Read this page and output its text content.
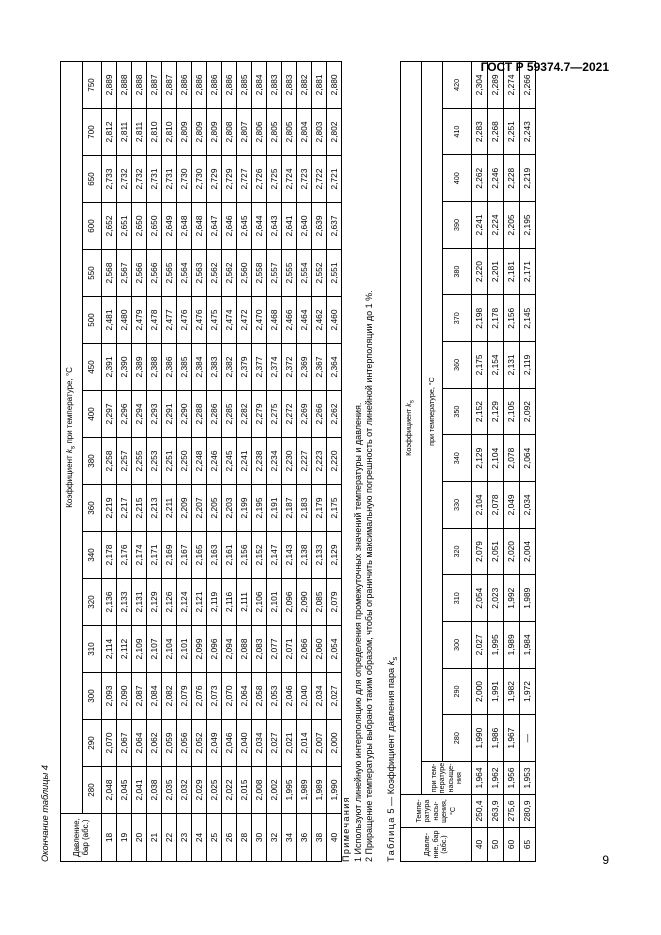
ГОСТ Р 59374.7—2021
Окончание таблицы 4	Давление, бар (абс.)	Коэффициент $k_s$ при температуре, °С															
	280	290	300	310	320	340	360	380	400	450	500	550	600	650	700	750
18	2,048	2,070	2,093	2,114	2,136	2,178	2,219	2,258	2,297	2,391	2,481	2,568	2,652	2,733	2,812	2,889
19	2,045	2,067	2,090	2,112	2,133	2,176	2,217	2,257	2,296	2,390	2,480	2,567	2,651	2,732	2,811	2,888
20	2,041	2,064	2,087	2,109	2,131	2,174	2,215	2,255	2,294	2,389	2,479	2,566	2,650	2,732	2,811	2,888
21	2,038	2,062	2,084	2,107	2,129	2,171	2,213	2,253	2,293	2,388	2,478	2,566	2,650	2,731	2,810	2,887
22	2,035	2,059	2,082	2,104	2,126	2,169	2,211	2,251	2,291	2,386	2,477	2,565	2,649	2,731	2,810	2,887
23	2,032	2,056	2,079	2,101	2,124	2,167	2,209	2,250	2,290	2,385	2,476	2,564	2,648	2,730	2,809	2,886
24	2,029	2,052	2,076	2,099	2,121	2,165	2,207	2,248	2,288	2,384	2,476	2,563	2,648	2,730	2,809	2,886
25	2,025	2,049	2,073	2,096	2,119	2,163	2,205	2,246	2,286	2,383	2,475	2,562	2,647	2,729	2,809	2,886
26	2,022	2,046	2,070	2,094	2,116	2,161	2,203	2,245	2,285	2,382	2,474	2,562	2,646	2,729	2,808	2,886
28	2,015	2,040	2,064	2,088	2,111	2,156	2,199	2,241	2,282	2,379	2,472	2,560	2,645	2,727	2,807	2,885
30	2,008	2,034	2,058	2,083	2,106	2,152	2,195	2,238	2,279	2,377	2,470	2,558	2,644	2,726	2,806	2,884
32	2,002	2,027	2,053	2,077	2,101	2,147	2,191	2,234	2,275	2,374	2,468	2,557	2,643	2,725	2,805	2,883
34	1,995	2,021	2,046	2,071	2,096	2,143	2,187	2,230	2,272	2,372	2,466	2,555	2,641	2,724	2,805	2,883
36	1,989	2,014	2,040	2,066	2,090	2,138	2,183	2,227	2,269	2,369	2,464	2,554	2,640	2,723	2,804	2,882
38	1,989	2,007	2,034	2,060	2,085	2,133	2,179	2,223	2,266	2,367	2,462	2,552	2,639	2,722	2,803	2,881
40	1,990	2,000	2,027	2,054	2,079	2,129	2,175	2,220	2,262	2,364	2,460	2,551	2,637	2,721	2,802	2,880
Примечания 1 Используют линейную интерполяцию для определения промежуточных значений температуры и давления. 2 Приращение температуры выбрано таким образом, чтобы ограничить максимальную погрешность от линейной интерполяции до 1 %. Таблица 5 — Коэффициент давления пара $k_s$
Давле-ние, бар (абс.)	Темпе-ратура насы-щения, °С	Коэффициент $k_s$
		при тем-пературе насыще-ния	при температуре, °С														
			280	290	300	310	320	330	340	350	360	370	380	390	400	410	420
40	250,4	1,964	1,990	2,000	2,027	2,054	2,079	2,104	2,129	2,152	2,175	2,198	2,220	2,241	2,262	2,283	2,304
50	263,9	1,962	1,986	1,991	1,995	2,023	2,051	2,078	2,104	2,129	2,154	2,178	2,201	2,224	2,246	2,268	2,289
60	275,6	1,956	1,967	1,982	1,989	1,992	2,020	2,049	2,078	2,105	2,131	2,156	2,181	2,205	2,228	2,251	2,274
65	280,9	1,953	—	1,972	1,984	1,989	2,004	2,034	2,064	2,092	2,119	2,145	2,171	2,195	2,219	2,243	2,266
9
